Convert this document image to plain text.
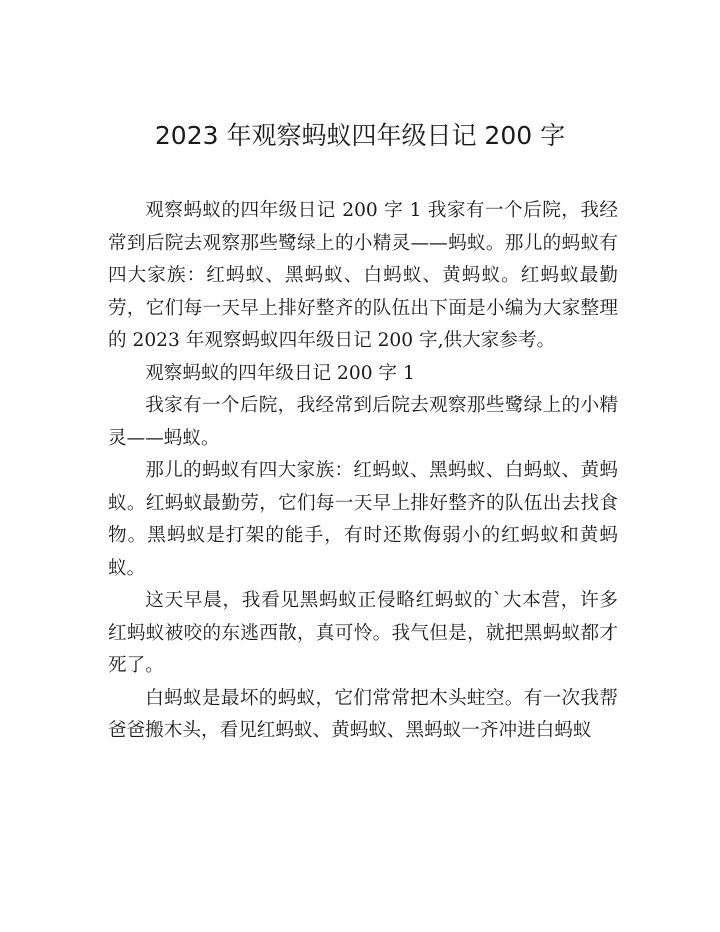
2023 年观察蚂蚁四年级日记 200 字

观察蚂蚁的四年级日记 200 字 1 我家有一个后院，我经常到后院去观察那些鹭绿上的小精灵——蚂蚁。那儿的蚂蚁有四大家族：红蚂蚁、黑蚂蚁、白蚂蚁、黄蚂蚁。红蚂蚁最勤劳，它们每一天早上排好整齐的队伍出下面是小编为大家整理的 2023 年观察蚂蚁四年级日记 200 字,供大家参考。

观察蚂蚁的四年级日记 200 字 1

我家有一个后院，我经常到后院去观察那些鹭绿上的小精灵——蚂蚁。

那儿的蚂蚁有四大家族：红蚂蚁、黑蚂蚁、白蚂蚁、黄蚂蚁。红蚂蚁最勤劳，它们每一天早上排好整齐的队伍出去找食物。黑蚂蚁是打架的能手，有时还欺侮弱小的红蚂蚁和黄蚂蚁。

这天早晨，我看见黑蚂蚁正侵略红蚂蚁的`大本营，许多红蚂蚁被咬的东逃西散，真可怜。我气但是，就把黑蚂蚁都才死了。

白蚂蚁是最坏的蚂蚁，它们常常把木头蛀空。有一次我帮爸爸搬木头，看见红蚂蚁、黄蚂蚁、黑蚂蚁一齐冲进白蚂蚁
